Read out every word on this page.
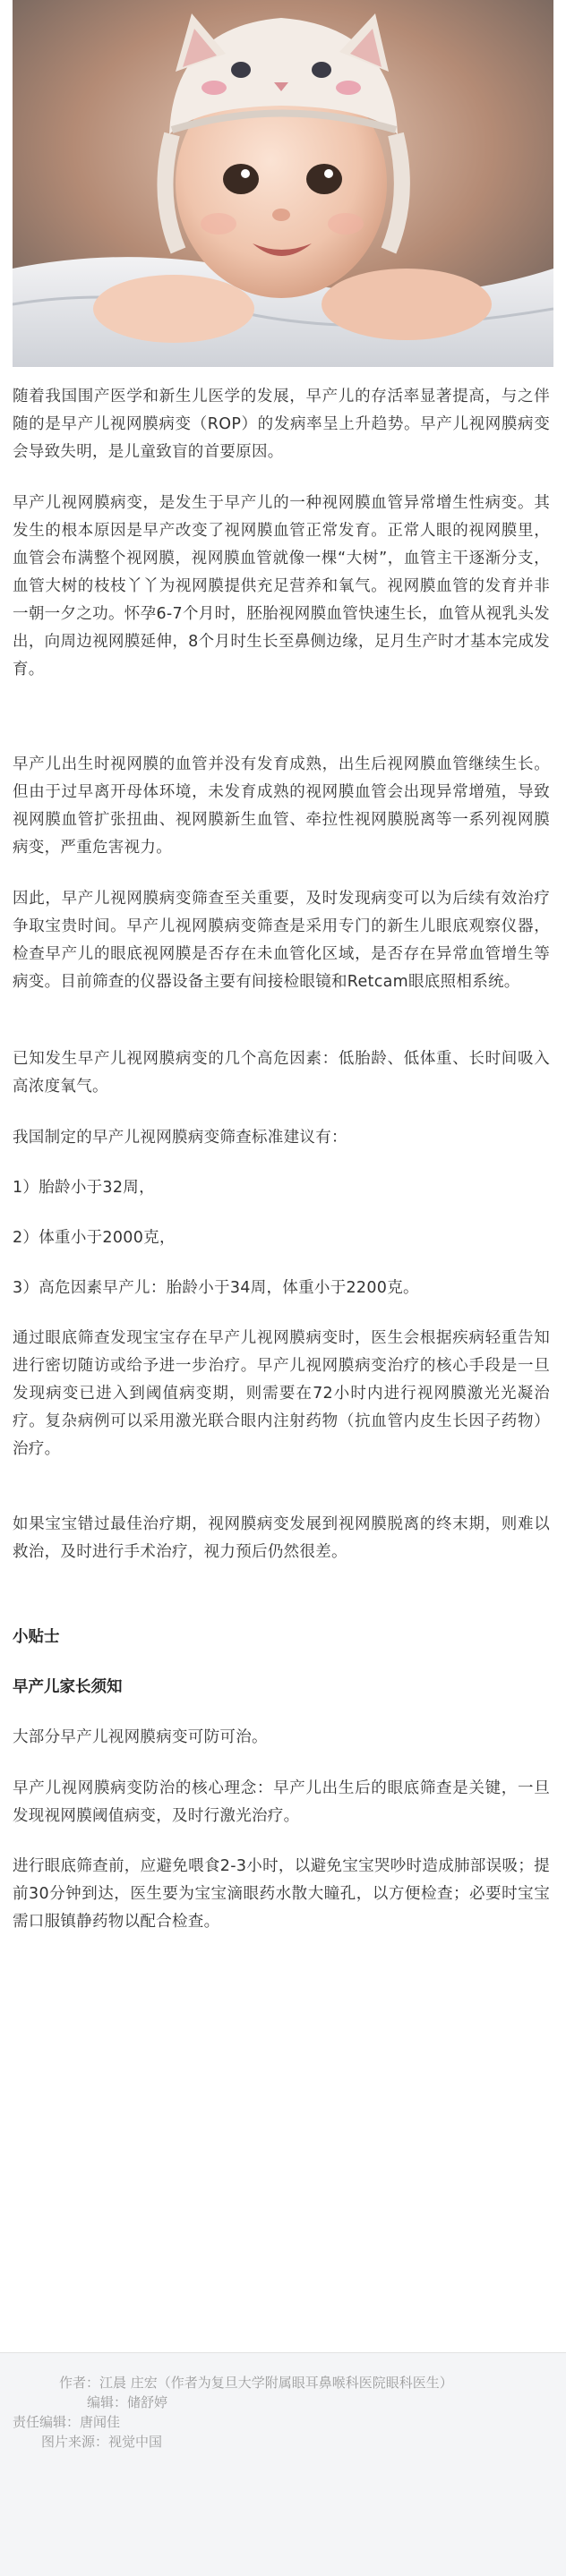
随着我国围产医学和新生儿医学的发展，早产儿的存活率显著提高，与之伴随的是早产儿视网膜病变（ROP）的发病率呈上升趋势。早产儿视网膜病变会导致失明，是儿童致盲的首要原因。

早产儿视网膜病变，是发生于早产儿的一种视网膜血管异常增生性病变。其发生的根本原因是早产改变了视网膜血管正常发育。正常人眼的视网膜里，血管会布满整个视网膜，视网膜血管就像一棵“大树”，血管主干逐渐分支，血管大树的枝枝丫丫为视网膜提供充足营养和氧气。视网膜血管的发育并非一朝一夕之功。怀孕6-7个月时，胚胎视网膜血管快速生长，血管从视乳头发出，向周边视网膜延伸，8个月时生长至鼻侧边缘，足月生产时才基本完成发育。

早产儿出生时视网膜的血管并没有发育成熟，出生后视网膜血管继续生长。但由于过早离开母体环境，未发育成熟的视网膜血管会出现异常增殖，导致视网膜血管扩张扭曲、视网膜新生血管、牵拉性视网膜脱离等一系列视网膜病变，严重危害视力。

因此，早产儿视网膜病变筛查至关重要，及时发现病变可以为后续有效治疗争取宝贵时间。早产儿视网膜病变筛查是采用专门的新生儿眼底观察仪器，检查早产儿的眼底视网膜是否存在未血管化区域，是否存在异常血管增生等病变。目前筛查的仪器设备主要有间接检眼镜和Retcam眼底照相系统。

已知发生早产儿视网膜病变的几个高危因素：低胎龄、低体重、长时间吸入高浓度氧气。

我国制定的早产儿视网膜病变筛查标准建议有：

1）胎龄小于32周，

2）体重小于2000克，

3）高危因素早产儿：胎龄小于34周，体重小于2200克。

通过眼底筛查发现宝宝存在早产儿视网膜病变时，医生会根据疾病轻重告知进行密切随访或给予进一步治疗。早产儿视网膜病变治疗的核心手段是一旦发现病变已进入到阈值病变期，则需要在72小时内进行视网膜激光光凝治疗。复杂病例可以采用激光联合眼内注射药物（抗血管内皮生长因子药物）治疗。

如果宝宝错过最佳治疗期，视网膜病变发展到视网膜脱离的终末期，则难以救治，及时进行手术治疗，视力预后仍然很差。

小贴士

早产儿家长须知

大部分早产儿视网膜病变可防可治。

早产儿视网膜病变防治的核心理念：早产儿出生后的眼底筛查是关键，一旦发现视网膜阈值病变，及时行激光治疗。

进行眼底筛查前，应避免喂食2-3小时，以避免宝宝哭吵时造成肺部误吸；提前30分钟到达，医生要为宝宝滴眼药水散大瞳孔，以方便检查；必要时宝宝需口服镇静药物以配合检查。

作者：江晨 庄宏（作者为复旦大学附属眼耳鼻喉科医院眼科医生）
编辑：储舒婷
责任编辑：唐闻佳
图片来源：视觉中国
